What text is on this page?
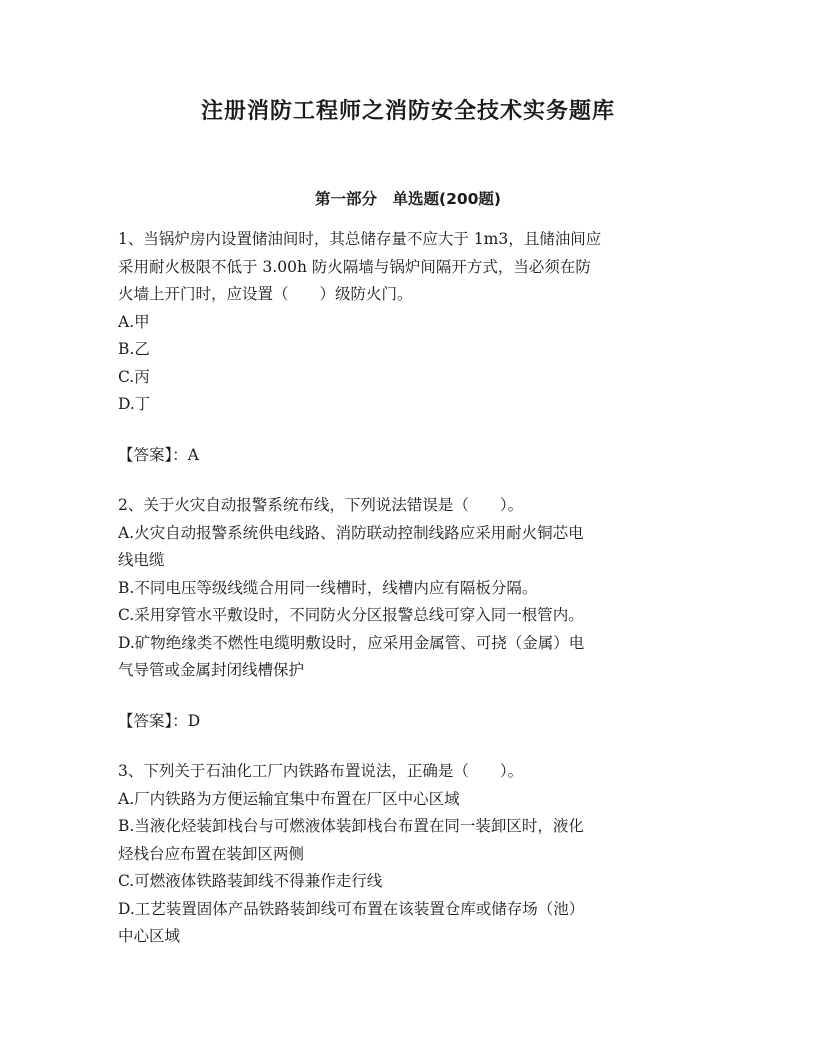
注册消防工程师之消防安全技术实务题库
第一部分　单选题(200题)
1、当锅炉房内设置储油间时，其总储存量不应大于 1m3，且储油间应
采用耐火极限不低于 3.00h 防火隔墙与锅炉间隔开方式，当必须在防
火墙上开门时，应设置（　　）级防火门。
A.甲
B.乙
C.丙
D.丁
【答案】：A
2、关于火灾自动报警系统布线，下列说法错误是（　　）。
A.火灾自动报警系统供电线路、消防联动控制线路应采用耐火铜芯电
线电缆
B.不同电压等级线缆合用同一线槽时，线槽内应有隔板分隔。
C.采用穿管水平敷设时，不同防火分区报警总线可穿入同一根管内。
D.矿物绝缘类不燃性电缆明敷设时，应采用金属管、可挠（金属）电
气导管或金属封闭线槽保护
【答案】：D
3、下列关于石油化工厂内铁路布置说法，正确是（　　）。
A.厂内铁路为方便运输宜集中布置在厂区中心区域
B.当液化烃装卸栈台与可燃液体装卸栈台布置在同一装卸区时，液化
烃栈台应布置在装卸区两侧
C.可燃液体铁路装卸线不得兼作走行线
D.工艺装置固体产品铁路装卸线可布置在该装置仓库或储存场（池）
中心区域
